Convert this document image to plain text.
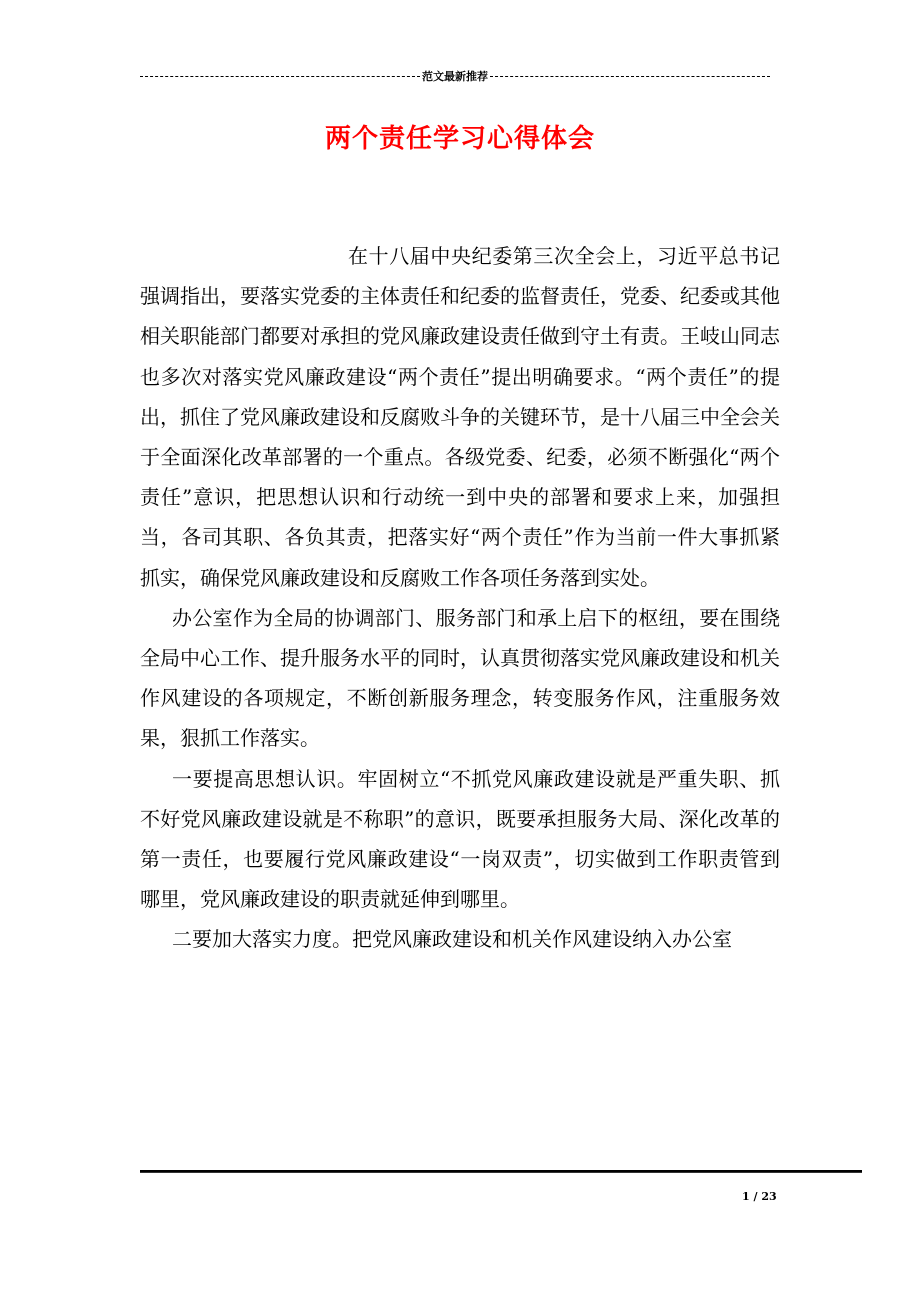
范文最新推荐
两个责任学习心得体会

在十八届中央纪委第三次全会上，习近平总书记强调指出，要落实党委的主体责任和纪委的监督责任，党委、纪委或其他相关职能部门都要对承担的党风廉政建设责任做到守土有责。王岐山同志也多次对落实党风廉政建设“两个责任”提出明确要求。“两个责任”的提出，抓住了党风廉政建设和反腐败斗争的关键环节，是十八届三中全会关于全面深化改革部署的一个重点。各级党委、纪委，必须不断强化“两个责任”意识，把思想认识和行动统一到中央的部署和要求上来，加强担当，各司其职、各负其责，把落实好“两个责任”作为当前一件大事抓紧抓实，确保党风廉政建设和反腐败工作各项任务落到实处。

办公室作为全局的协调部门、服务部门和承上启下的枢纽，要在围绕全局中心工作、提升服务水平的同时，认真贯彻落实党风廉政建设和机关作风建设的各项规定，不断创新服务理念，转变服务作风，注重服务效果，狠抓工作落实。

一要提高思想认识。牢固树立“不抓党风廉政建设就是严重失职、抓不好党风廉政建设就是不称职”的意识，既要承担服务大局、深化改革的第一责任，也要履行党风廉政建设“一岗双责”，切实做到工作职责管到哪里，党风廉政建设的职责就延伸到哪里。

二要加大落实力度。把党风廉政建设和机关作风建设纳入办公室

1 / 23
